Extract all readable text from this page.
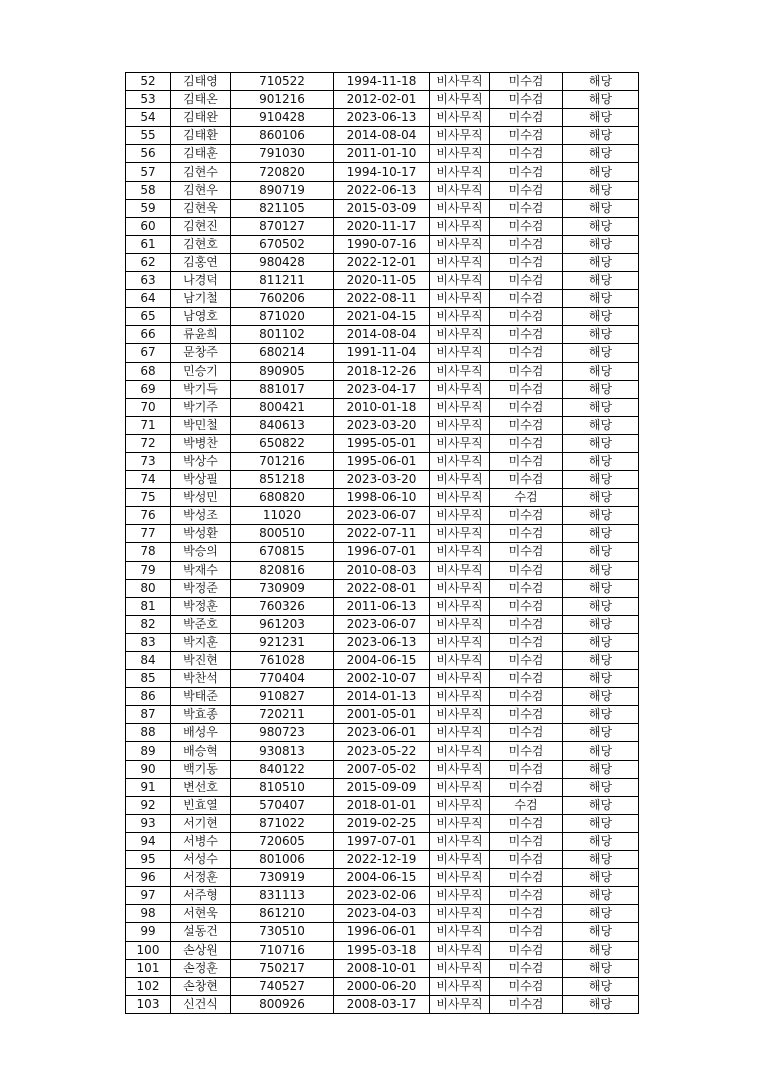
52	김태영	710522	1994-11-18	비사무직	미수검	해당
53	김태온	901216	2012-02-01	비사무직	미수검	해당
54	김태완	910428	2023-06-13	비사무직	미수검	해당
55	김태환	860106	2014-08-04	비사무직	미수검	해당
56	김태훈	791030	2011-01-10	비사무직	미수검	해당
57	김현수	720820	1994-10-17	비사무직	미수검	해당
58	김현우	890719	2022-06-13	비사무직	미수검	해당
59	김현욱	821105	2015-03-09	비사무직	미수검	해당
60	김현진	870127	2020-11-17	비사무직	미수검	해당
61	김현호	670502	1990-07-16	비사무직	미수검	해당
62	김홍연	980428	2022-12-01	비사무직	미수검	해당
63	나경덕	811211	2020-11-05	비사무직	미수검	해당
64	남기철	760206	2022-08-11	비사무직	미수검	해당
65	남영호	871020	2021-04-15	비사무직	미수검	해당
66	류윤희	801102	2014-08-04	비사무직	미수검	해당
67	문창주	680214	1991-11-04	비사무직	미수검	해당
68	민승기	890905	2018-12-26	비사무직	미수검	해당
69	박기득	881017	2023-04-17	비사무직	미수검	해당
70	박기주	800421	2010-01-18	비사무직	미수검	해당
71	박민철	840613	2023-03-20	비사무직	미수검	해당
72	박병찬	650822	1995-05-01	비사무직	미수검	해당
73	박상수	701216	1995-06-01	비사무직	미수검	해당
74	박상필	851218	2023-03-20	비사무직	미수검	해당
75	박성민	680820	1998-06-10	비사무직	수검	해당
76	박성조	11020	2023-06-07	비사무직	미수검	해당
77	박성환	800510	2022-07-11	비사무직	미수검	해당
78	박승의	670815	1996-07-01	비사무직	미수검	해당
79	박재수	820816	2010-08-03	비사무직	미수검	해당
80	박정준	730909	2022-08-01	비사무직	미수검	해당
81	박정훈	760326	2011-06-13	비사무직	미수검	해당
82	박준호	961203	2023-06-07	비사무직	미수검	해당
83	박지훈	921231	2023-06-13	비사무직	미수검	해당
84	박진현	761028	2004-06-15	비사무직	미수검	해당
85	박찬석	770404	2002-10-07	비사무직	미수검	해당
86	박태준	910827	2014-01-13	비사무직	미수검	해당
87	박효종	720211	2001-05-01	비사무직	미수검	해당
88	배성우	980723	2023-06-01	비사무직	미수검	해당
89	배승혁	930813	2023-05-22	비사무직	미수검	해당
90	백기동	840122	2007-05-02	비사무직	미수검	해당
91	변선호	810510	2015-09-09	비사무직	미수검	해당
92	빈효열	570407	2018-01-01	비사무직	수검	해당
93	서기현	871022	2019-02-25	비사무직	미수검	해당
94	서병수	720605	1997-07-01	비사무직	미수검	해당
95	서성수	801006	2022-12-19	비사무직	미수검	해당
96	서정훈	730919	2004-06-15	비사무직	미수검	해당
97	서주형	831113	2023-02-06	비사무직	미수검	해당
98	서현욱	861210	2023-04-03	비사무직	미수검	해당
99	설동건	730510	1996-06-01	비사무직	미수검	해당
100	손상원	710716	1995-03-18	비사무직	미수검	해당
101	손정훈	750217	2008-10-01	비사무직	미수검	해당
102	손창현	740527	2000-06-20	비사무직	미수검	해당
103	신건식	800926	2008-03-17	비사무직	미수검	해당
